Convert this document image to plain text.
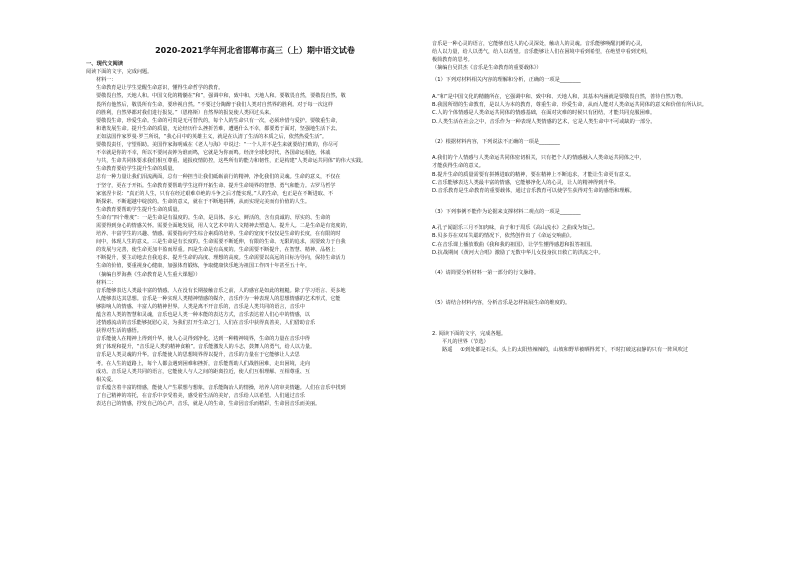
2020-2021学年河北省邯郸市高三（上）期中语文试卷
一、现代文阅读
阅读下面的文字，完成问题。
材料一：
生命教育是让学生觉醒生命意识，懂得生命哲学的教育。
要敬畏自然，天地人和。中国文化的精髓在“和”，强调中和，致中和，天地人和。要敬畏自然，要敬畏自然，敬
畏所有他然后，敬畏所有生命，要珍视自然。“不要过分陶醉于我们人类对自然界的胜利。对于每一次这样
的胜利，自然界都对我们进行报复。”（恩格斯）自然界的报复使人类回过头来。
要敬畏生命，珍爱生命。生命的可贵是无可替代的，每个人的生命只有一次，必须珍惜与爱护。要敬重生命，
和谐发展生命。提升生命的质量，无论经历什么挫折苦难，遭遇什么不幸，都要勇于面对，坚强地生活下去。
正如法国作家罗曼·罗兰所说，“我心目中的英雄主义，就是在认清了生活的本质之后，依然热爱生活”。
要敬畏责任，守望相助。美国作家海明威在《老人与海》中说过：“一个人并不是生来就要给打败的，你尽可
不幸就是你的不幸，所以不要问丧钟为谁而鸣，它就是为你而鸣。经济全球化时代，各国命运相连，休戚
与共，生命共同体要求我们相互尊重、通报疫情防控，这些所有的能力和韧性，正是构建“人类命运共同体”的伟大实践。
生命教育要给学生提升生命的质量。
总有一种力量让我们泪流满面，总有一种担当让我们砥砺前行的精神，净化我们的灵魂。生命的意义，不仅在
于坚守，更在于开拓。生命教育要帮助学生这样开拓生命、提升生命境界的智慧、勇气和能力。古罗马哲学
家塞涅卡说：“真正的人生，只有在经过艰难卓绝的斗争之后才能实现。”人的生命，也正是在不断进取、不
断探索、不断超越中绽放的。生命的意义，就在于不断地拼搏，从而实现完美而有价值的人生。
生命教育要帮助学生提升生命的质量。
生命有“四个维度”：一是生命是有温度的。生命，是具体、多元、鲜活的，含有真诚的、厚实的、生命的
需要得到身心的情感关怀。需要全面地发展，用人文艺术中的人文精神去塑造人、提升人。二是生命是有宽度的，
培养、丰富学生的兴趣、情感。需要指向学生综合素质的培养。生命的宽度不仅仅是生命的长度，在有限的时
间中，体现人生的意义。三是生命是有长度的。生命需要不断延伸，有限的生命、无限的追求，需要致力于自我
的发展与完善，使生命更加丰盈而厚重。四是生命是有高度的。生命需要不断提升，在智慧、精神、品格上
不断提升，要主动地去自我追求、提升生命的高度、理想的高度。生命需要以高远的目标为导向，保持生命活力
生命的价值，要重视身心健康，加强体育锻炼，争取健康快乐地为祖国工作四十年甚至五十年。
（摘编自罗海燕《生命教育是人生重大课题》）
材料二：
音乐能够表达人类最丰富的情感。人在没有长期接触音乐之前，人的感官是如此的粗糙。除了学习语言、更多地
人能够表达其思想。音乐是一种实现人类精神情感的媒介，音乐作为一种表现人的思想情感的艺术形式，它能
够影响人的情感、丰富人的精神世界。人类是离不开音乐的，音乐是人类共同的语言，音乐中
蕴含着人类的智慧和灵魂，音乐也是人类一种本能的表达方式，音乐表达着人们心中的情感，以
述情感流动的音乐能够抚慰心灵，为我们打开生命之门，人们在音乐中获得真善美，人们借助音乐
获得对生活的感悟。
音乐能使人在精神上得到升华，使人心灵得到净化，达到一种精神境界，生命的力量在音乐中得
到了体现和提升，“音乐是人类的精神食粮”。音乐能激发人的斗志，鼓舞人的勇气，给人以力量。
音乐是人类灵魂的升华。音乐能使人的思想境界得以提升，音乐的力量在于它能够让人去思
考。在人生的道路上，每个人都会遇到困难和挫折，音乐能帮助人们战胜困难，走出困境，走向
成功。音乐是人类共同的语言，它能使人与人之间的距离拉近，使人们互相理解、互相尊重、互
相关爱。
音乐蕴含着丰富的情感，能使人产生联想与想象，音乐能陶冶人的情操，培养人的审美情趣。人们在音乐中找到
了自己精神的寄托，在音乐中享受着美，感受着生活的美好，音乐给人以希望。人们通过音乐
表达自己的情感，抒发自己的心声。音乐，就是人的生命，生命因音乐而精彩，生命因音乐而美丽。
音乐是一种心灵的语言，它能够直达人的心灵深处，触动人的灵魂。音乐能够唤醒沉睡的心灵，
给人以力量，给人以勇气，给人以希望。音乐能够让人们在困境中看到希望，在绝望中看到光明，
极简教育的思考。
（摘编自吴洪杰《音乐是生命教育的重要载体》）
（1）下列对材料相关内容的理解和分析，正确的一项是________
A.“和”是中国文化的精髓所在，它强调中和、致中和、天地人和，其基本内涵就是要敬畏自然，善待自然万物。
B.我国所谓的生命教育，是以人为本的教育，尊重生命、珍爱生命，从而人能对人类命运共同体的意义和价值有所认识。
C.人的个体情感是人类命运共同体的情感基础，在面对灾难的时候只有团结，才能共同克服困难。
D.人类生活在社会之中，音乐作为一种表现人类情感的艺术，它是人类生命中不可或缺的一部分。
（2）根据材料内容，下列说法不正确的一项是________
A.我们的个人情感与人类命运共同体密切相关，只有把个人的情感融入人类命运共同体之中，
才能获得生命的意义。
B.提升生命的质量需要有拼搏进取的精神，要在精神上不断追求，才能让生命更有意义。
C.音乐能够表达人类最丰富的情感，它能够净化人的心灵，让人的精神得到升华。
D.音乐教育是生命教育的重要载体，通过音乐教育可以使学生获得对生命的感悟和理解。
（3）下列事例不能作为论据来支撑材料二观点的一项是________
A.孔子闻韶乐三月不知肉味，由于和于周乐《高山流水》之曲成为知己。
B.贝多芬在双耳失聪的情况下，依然创作出了《命运交响曲》。
C.在音乐课上播放歌曲《我和我的祖国》，让学生懂得感恩和报答祖国。
D.抗战期间《黄河大合唱》激励了无数中华儿女投身抗日救亡的洪流之中。
（4）请简要分析材料一第一部分的行文脉络。
（5）请结合材料内容，分析音乐是怎样拓展生命的维度的。
2. 阅读下面的文字，完成各题。
平凡的世界（节选）
路遥 ①到处都是石头，头上的太阳热辣辣的，山坡和野草被晒得蔫下，不时打破这寂静的只有一阵风吹过
